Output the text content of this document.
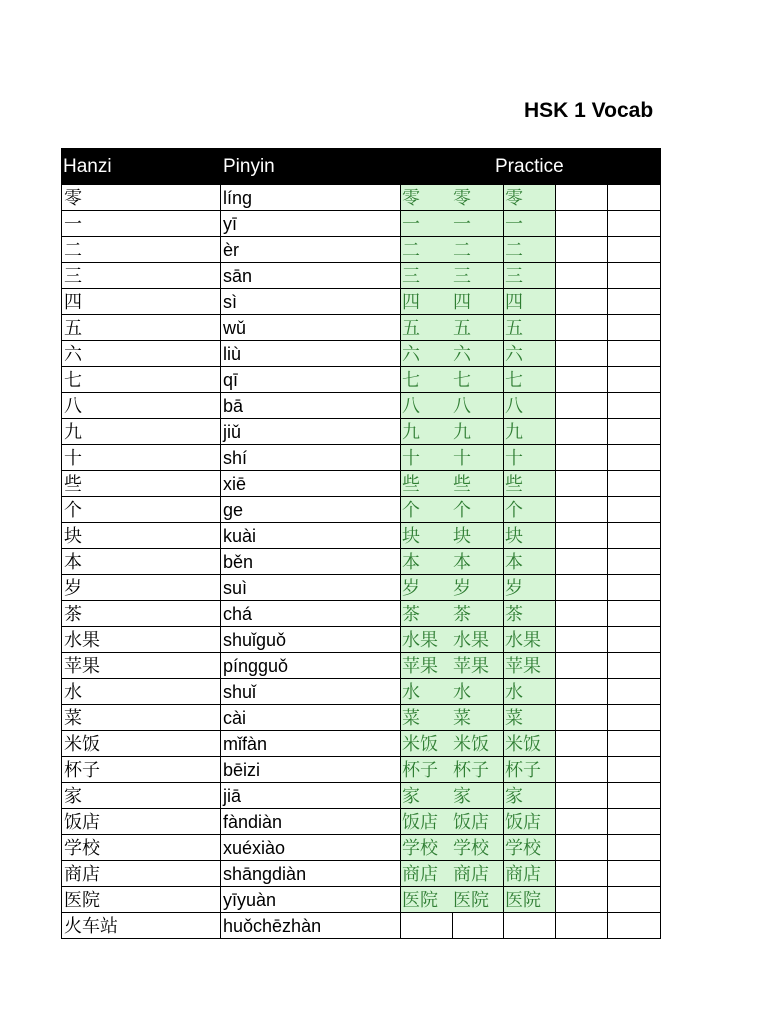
HSK 1 Vocab
Hanzi	Pinyin	Practice
零	líng	零	零	零
一	yī	一	一	一
二	èr	二	二	二
三	sān	三	三	三
四	sì	四	四	四
五	wǔ	五	五	五
六	liù	六	六	六
七	qī	七	七	七
八	bā	八	八	八
九	jiǔ	九	九	九
十	shí	十	十	十
些	xiē	些	些	些
个	ge	个	个	个
块	kuài	块	块	块
本	běn	本	本	本
岁	suì	岁	岁	岁
茶	chá	茶	茶	茶
水果	shuǐguǒ	水果 水果 水果
苹果	píngguǒ	苹果 苹果 苹果
水	shuǐ	水	水	水
菜	cài	菜	菜	菜
米饭	mǐfàn	米饭 米饭 米饭
杯子	bēizi	杯子 杯子 杯子
家	jiā	家	家	家
饭店	fàndiàn	饭店 饭店 饭店
学校	xuéxiào	学校 学校 学校
商店	shāngdiàn	商店 商店 商店
医院	yīyuàn	医院 医院 医院
火车站	huǒchēzhàn
